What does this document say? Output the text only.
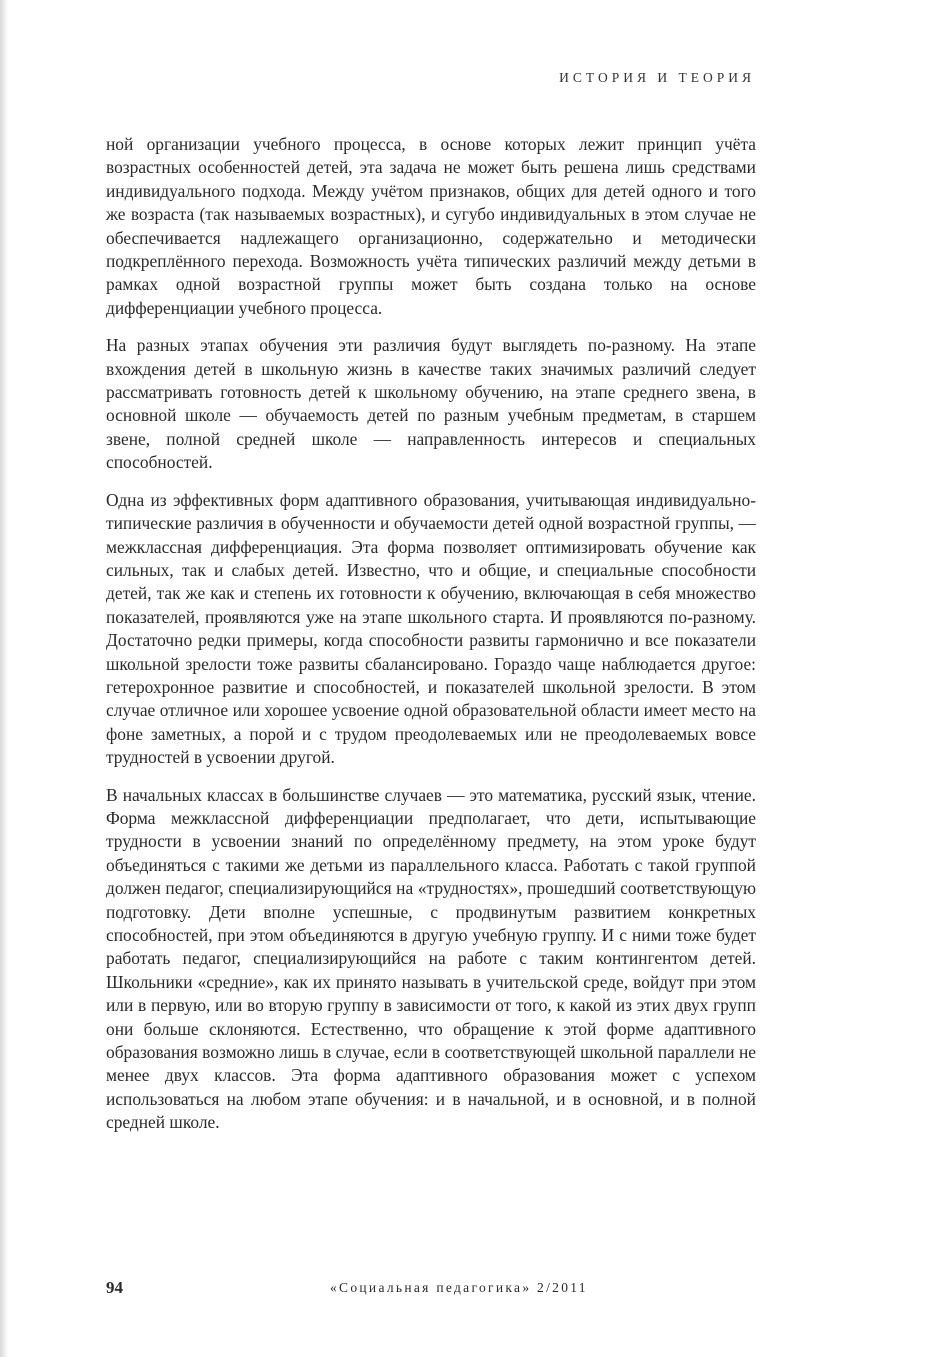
ИСТОРИЯ И ТЕОРИЯ

ной организации учебного процесса, в основе которых лежит принцип учёта возрастных особенностей детей, эта задача не может быть решена лишь средствами индивидуального подхода. Между учётом признаков, общих для детей одного и того же возраста (так называемых возрастных), и сугубо индивидуальных в этом случае не обеспечивается надлежащего организационно, содержательно и методически подкреплённого перехода. Возможность учёта типических различий между детьми в рамках одной возрастной группы может быть создана только на основе дифференциации учебного процесса.

На разных этапах обучения эти различия будут выглядеть по-разному. На этапе вхождения детей в школьную жизнь в качестве таких значимых различий следует рассматривать готовность детей к школьному обучению, на этапе среднего звена, в основной школе — обучаемость детей по разным учебным предметам, в старшем звене, полной средней школе — направленность интересов и специальных способностей.

Одна из эффективных форм адаптивного образования, учитывающая индивидуально-типические различия в обученности и обучаемости детей одной возрастной группы, — межклассная дифференциация. Эта форма позволяет оптимизировать обучение как сильных, так и слабых детей. Известно, что и общие, и специальные способности детей, так же как и степень их готовности к обучению, включающая в себя множество показателей, проявляются уже на этапе школьного старта. И проявляются по-разному. Достаточно редки примеры, когда способности развиты гармонично и все показатели школьной зрелости тоже развиты сбалансировано. Гораздо чаще наблюдается другое: гетерохронное развитие и способностей, и показателей школьной зрелости. В этом случае отличное или хорошее усвоение одной образовательной области имеет место на фоне заметных, а порой и с трудом преодолеваемых или не преодолеваемых вовсе трудностей в усвоении другой.

В начальных классах в большинстве случаев — это математика, русский язык, чтение. Форма межклассной дифференциации предполагает, что дети, испытывающие трудности в усвоении знаний по определённому предмету, на этом уроке будут объединяться с такими же детьми из параллельного класса. Работать с такой группой должен педагог, специализирующийся на «трудностях», прошедший соответствующую подготовку. Дети вполне успешные, с продвинутым развитием конкретных способностей, при этом объединяются в другую учебную группу. И с ними тоже будет работать педагог, специализирующийся на работе с таким контингентом детей. Школьники «средние», как их принято называть в учительской среде, войдут при этом или в первую, или во вторую группу в зависимости от того, к какой из этих двух групп они больше склоняются. Естественно, что обращение к этой форме адаптивного образования возможно лишь в случае, если в соответствующей школьной параллели не менее двух классов. Эта форма адаптивного образования может с успехом использоваться на любом этапе обучения: и в начальной, и в основной, и в полной средней школе.

94	«Социальная педагогика» 2/2011
